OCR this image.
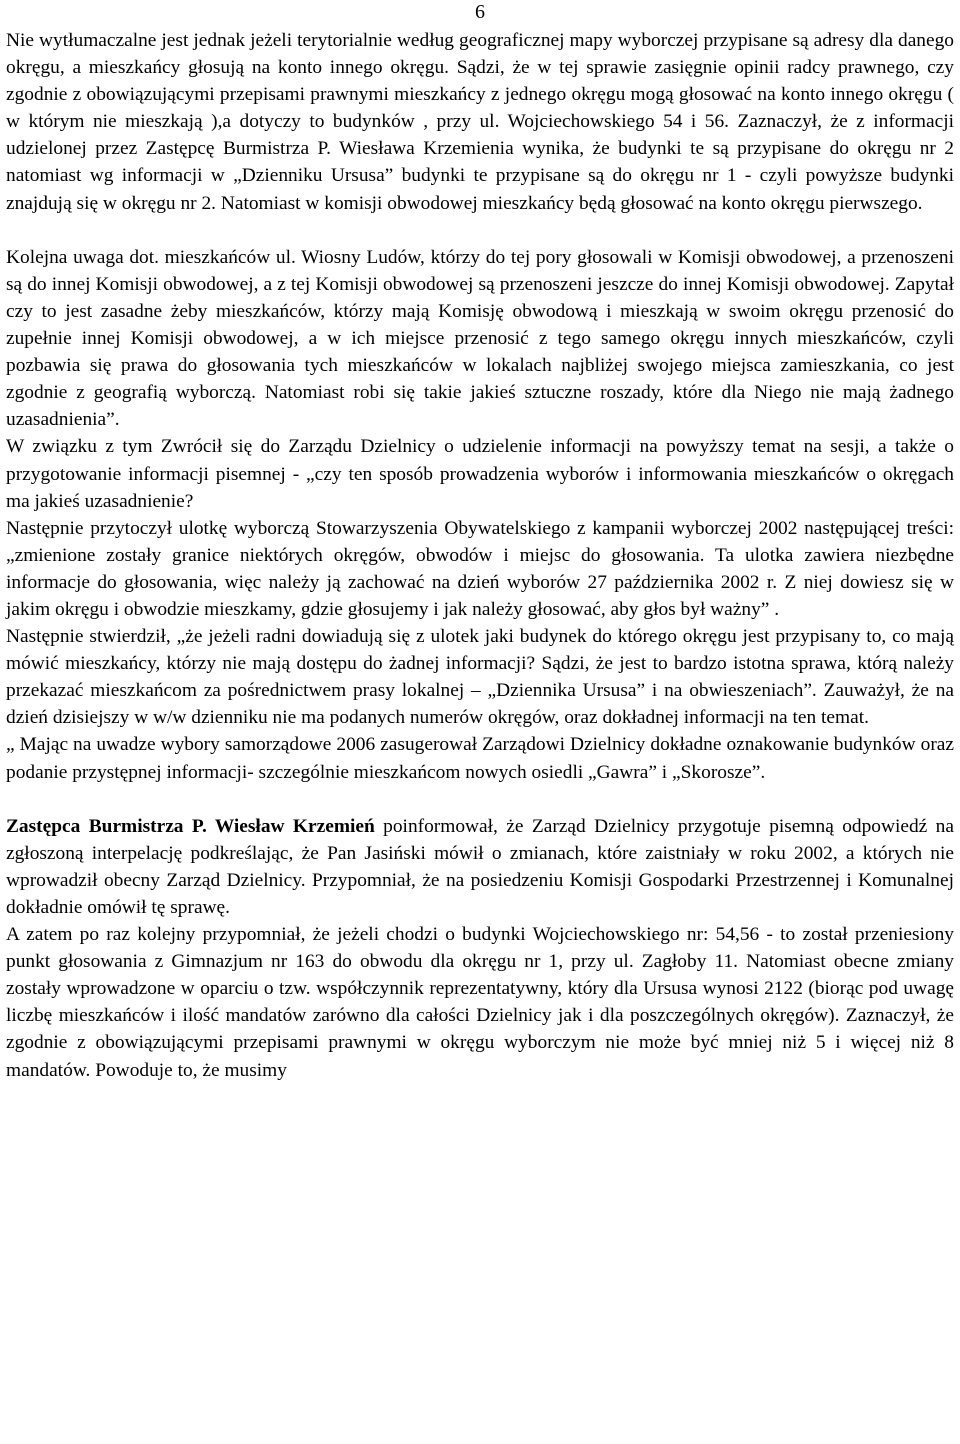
6

Nie wytłumaczalne jest jednak jeżeli terytorialnie według geograficznej mapy wyborczej przypisane są adresy dla danego okręgu, a mieszkańcy głosują na konto innego okręgu. Sądzi, że w tej sprawie zasięgnie opinii radcy prawnego, czy zgodnie z obowiązującymi przepisami prawnymi mieszkańcy z jednego okręgu mogą głosować na konto innego okręgu ( w którym nie mieszkają ),a dotyczy to budynków , przy ul. Wojciechowskiego 54 i 56. Zaznaczył, że z informacji udzielonej przez Zastępcę Burmistrza P. Wiesława Krzemienia wynika, że budynki te są przypisane do okręgu nr 2 natomiast wg informacji w „Dzienniku Ursusa” budynki te przypisane są do okręgu nr 1 - czyli powyższe budynki znajdują się w okręgu nr 2. Natomiast w komisji obwodowej mieszkańcy będą głosować na konto okręgu pierwszego.

Kolejna uwaga dot. mieszkańców ul. Wiosny Ludów, którzy do tej pory głosowali w Komisji obwodowej, a przenoszeni są do innej Komisji obwodowej, a z tej Komisji obwodowej są przenoszeni jeszcze do innej Komisji obwodowej. Zapytał czy to jest zasadne żeby mieszkańców, którzy mają Komisję obwodową i mieszkają w swoim okręgu przenosić do zupełnie innej Komisji obwodowej, a w ich miejsce przenosić z tego samego okręgu innych mieszkańców, czyli pozbawia się prawa do głosowania tych mieszkańców w lokalach najbliżej swojego miejsca zamieszkania, co jest zgodnie z geografią wyborczą. Natomiast robi się takie jakieś sztuczne roszady, które dla Niego nie mają żadnego uzasadnienia”.

W związku z tym Zwrócił się do Zarządu Dzielnicy o udzielenie informacji na powyższy temat na sesji, a także o przygotowanie informacji pisemnej - „czy ten sposób prowadzenia wyborów i informowania mieszkańców o okręgach ma jakieś uzasadnienie?

Następnie przytoczył ulotkę wyborczą Stowarzyszenia Obywatelskiego z kampanii wyborczej 2002 następującej treści: „zmienione zostały granice niektórych okręgów, obwodów i miejsc do głosowania. Ta ulotka zawiera niezbędne informacje do głosowania, więc należy ją zachować na dzień wyborów 27 października 2002 r. Z niej dowiesz się w jakim okręgu i obwodzie mieszkamy, gdzie głosujemy i jak należy głosować, aby głos był ważny” .

Następnie stwierdził, „że jeżeli radni dowiadują się z ulotek jaki budynek do którego okręgu jest przypisany to, co mają mówić mieszkańcy, którzy nie mają dostępu do żadnej informacji? Sądzi, że jest to bardzo istotna sprawa, którą należy przekazać mieszkańcom za pośrednictwem prasy lokalnej – „Dziennika Ursusa” i na obwieszeniach”. Zauważył, że na dzień dzisiejszy w w/w dzienniku nie ma podanych numerów okręgów, oraz dokładnej informacji na ten temat.

„ Mając na uwadze wybory samorządowe 2006 zasugerował Zarządowi Dzielnicy dokładne oznakowanie budynków oraz podanie przystępnej informacji- szczególnie mieszkańcom nowych osiedli „Gawra” i „Skorosze”.

Zastępca Burmistrza P. Wiesław Krzemień poinformował, że Zarząd Dzielnicy przygotuje pisemną odpowiedź na zgłoszoną interpelację podkreślając, że Pan Jasiński mówił o zmianach, które zaistniały w roku 2002, a których nie wprowadził obecny Zarząd Dzielnicy. Przypomniał, że na posiedzeniu Komisji Gospodarki Przestrzennej i Komunalnej dokładnie omówił tę sprawę.

A zatem po raz kolejny przypomniał, że jeżeli chodzi o budynki Wojciechowskiego nr: 54,56 - to został przeniesiony punkt głosowania z Gimnazjum nr 163 do obwodu dla okręgu nr 1, przy ul. Zagłoby 11. Natomiast obecne zmiany zostały wprowadzone w oparciu o tzw. współczynnik reprezentatywny, który dla Ursusa wynosi 2122 (biorąc pod uwagę liczbę mieszkańców i ilość mandatów zarówno dla całości Dzielnicy jak i dla poszczególnych okręgów). Zaznaczył, że zgodnie z obowiązującymi przepisami prawnymi w okręgu wyborczym nie może być mniej niż 5 i więcej niż 8 mandatów. Powoduje to, że musimy
